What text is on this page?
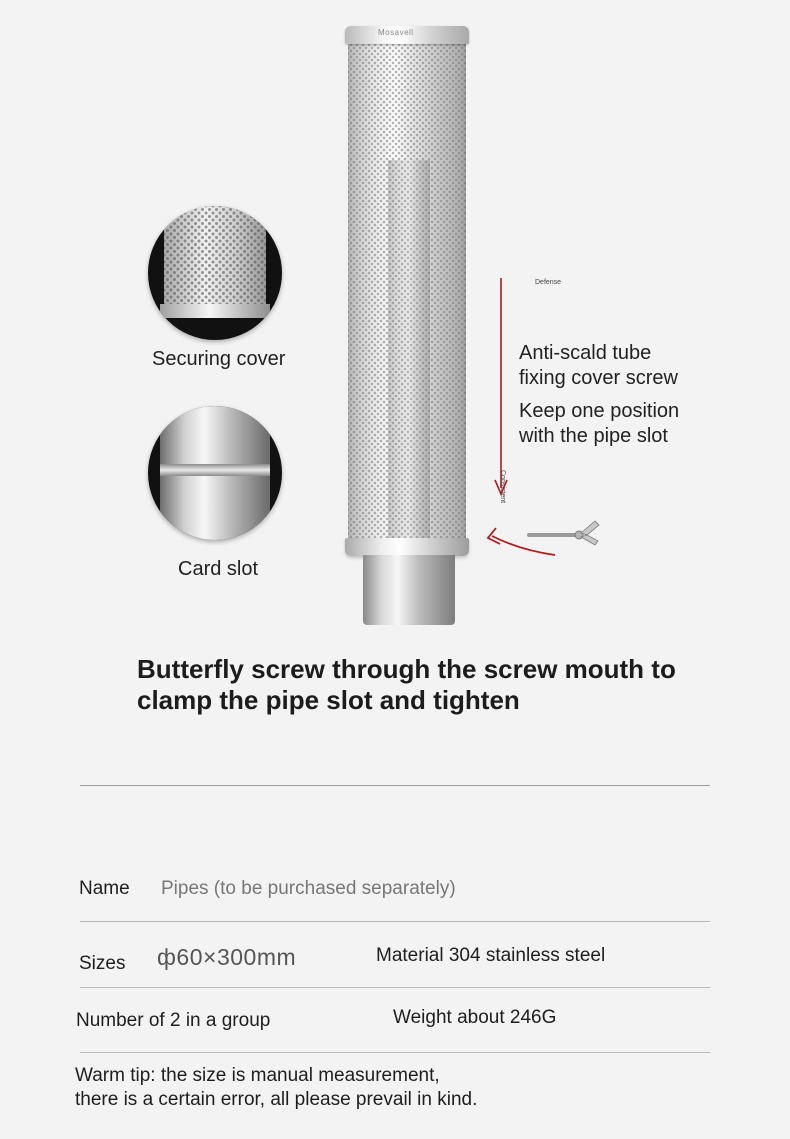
Mosavell
Securing cover
Card slot
Defense
Consistent
Anti-scald tube
fixing cover screw
Keep one position
with the pipe slot
Butterfly screw through the screw mouth to
clamp the pipe slot and tighten
Name Pipes (to be purchased separately)
Sizes ф60×300mm	Material 304 stainless steel
Number of 2 in a group	Weight about 246G
Warm tip: the size is manual measurement,
there is a certain error, all please prevail in kind.
